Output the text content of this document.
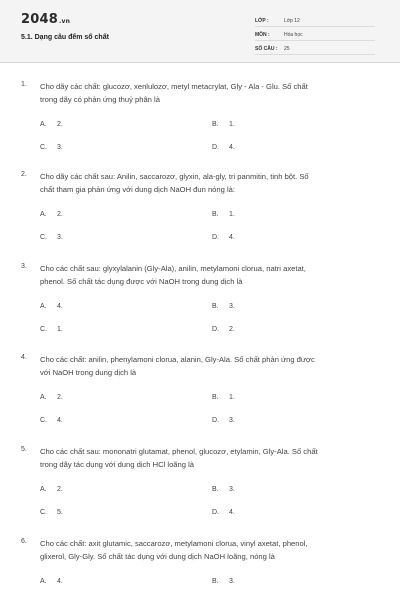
2048.vn
5.1. Dạng câu đếm số chất
LỚP :	Lớp 12
MÔN :	Hóa học
SỐ CÂU : 25
1. Cho dãy các chất: glucozơ, xenlulozơ, metyl metacrylat, Gly - Ala - Glu. Số chất
trong dãy có phản ứng thuỷ phân là
A. 2.	B. 1.
C. 3.	D. 4.
2. Cho dãy các chất sau: Anilin, saccarozơ, glyxin, ala-gly, tri panmitin, tinh bột. Số
chất tham gia phản ứng với dung dịch NaOH đun nóng là:
A. 2.	B. 1.
C. 3.	D. 4.
3. Cho các chất sau: glyxylalanin (Gly-Ala), anilin, metylamoni clorua, natri axetat,
phenol. Số chất tác dụng được với NaOH trong dung dịch là
A. 4.	B. 3.
C. 1.	D. 2.
4. Cho các chất: anilin, phenylamoni clorua, alanin, Gly-Ala. Số chất phản ứng được
với NaOH trong dung dịch là
A. 2.	B. 1.
C. 4.	D. 3.
5. Cho các chất sau: mononatri glutamat, phenol, glucozơ, etylamin, Gly-Ala. Số chất
trong dãy tác dụng với dung dịch HCl loãng là
A. 2.	B. 3.
C. 5.	D. 4.
6. Cho các chất: axit glutamic, saccarozơ, metylamoni clorua, vinyl axetat, phenol,
glixerol, Gly-Gly. Số chất tác dụng với dung dịch NaOH loãng, nóng là
A. 4.	B. 3.
